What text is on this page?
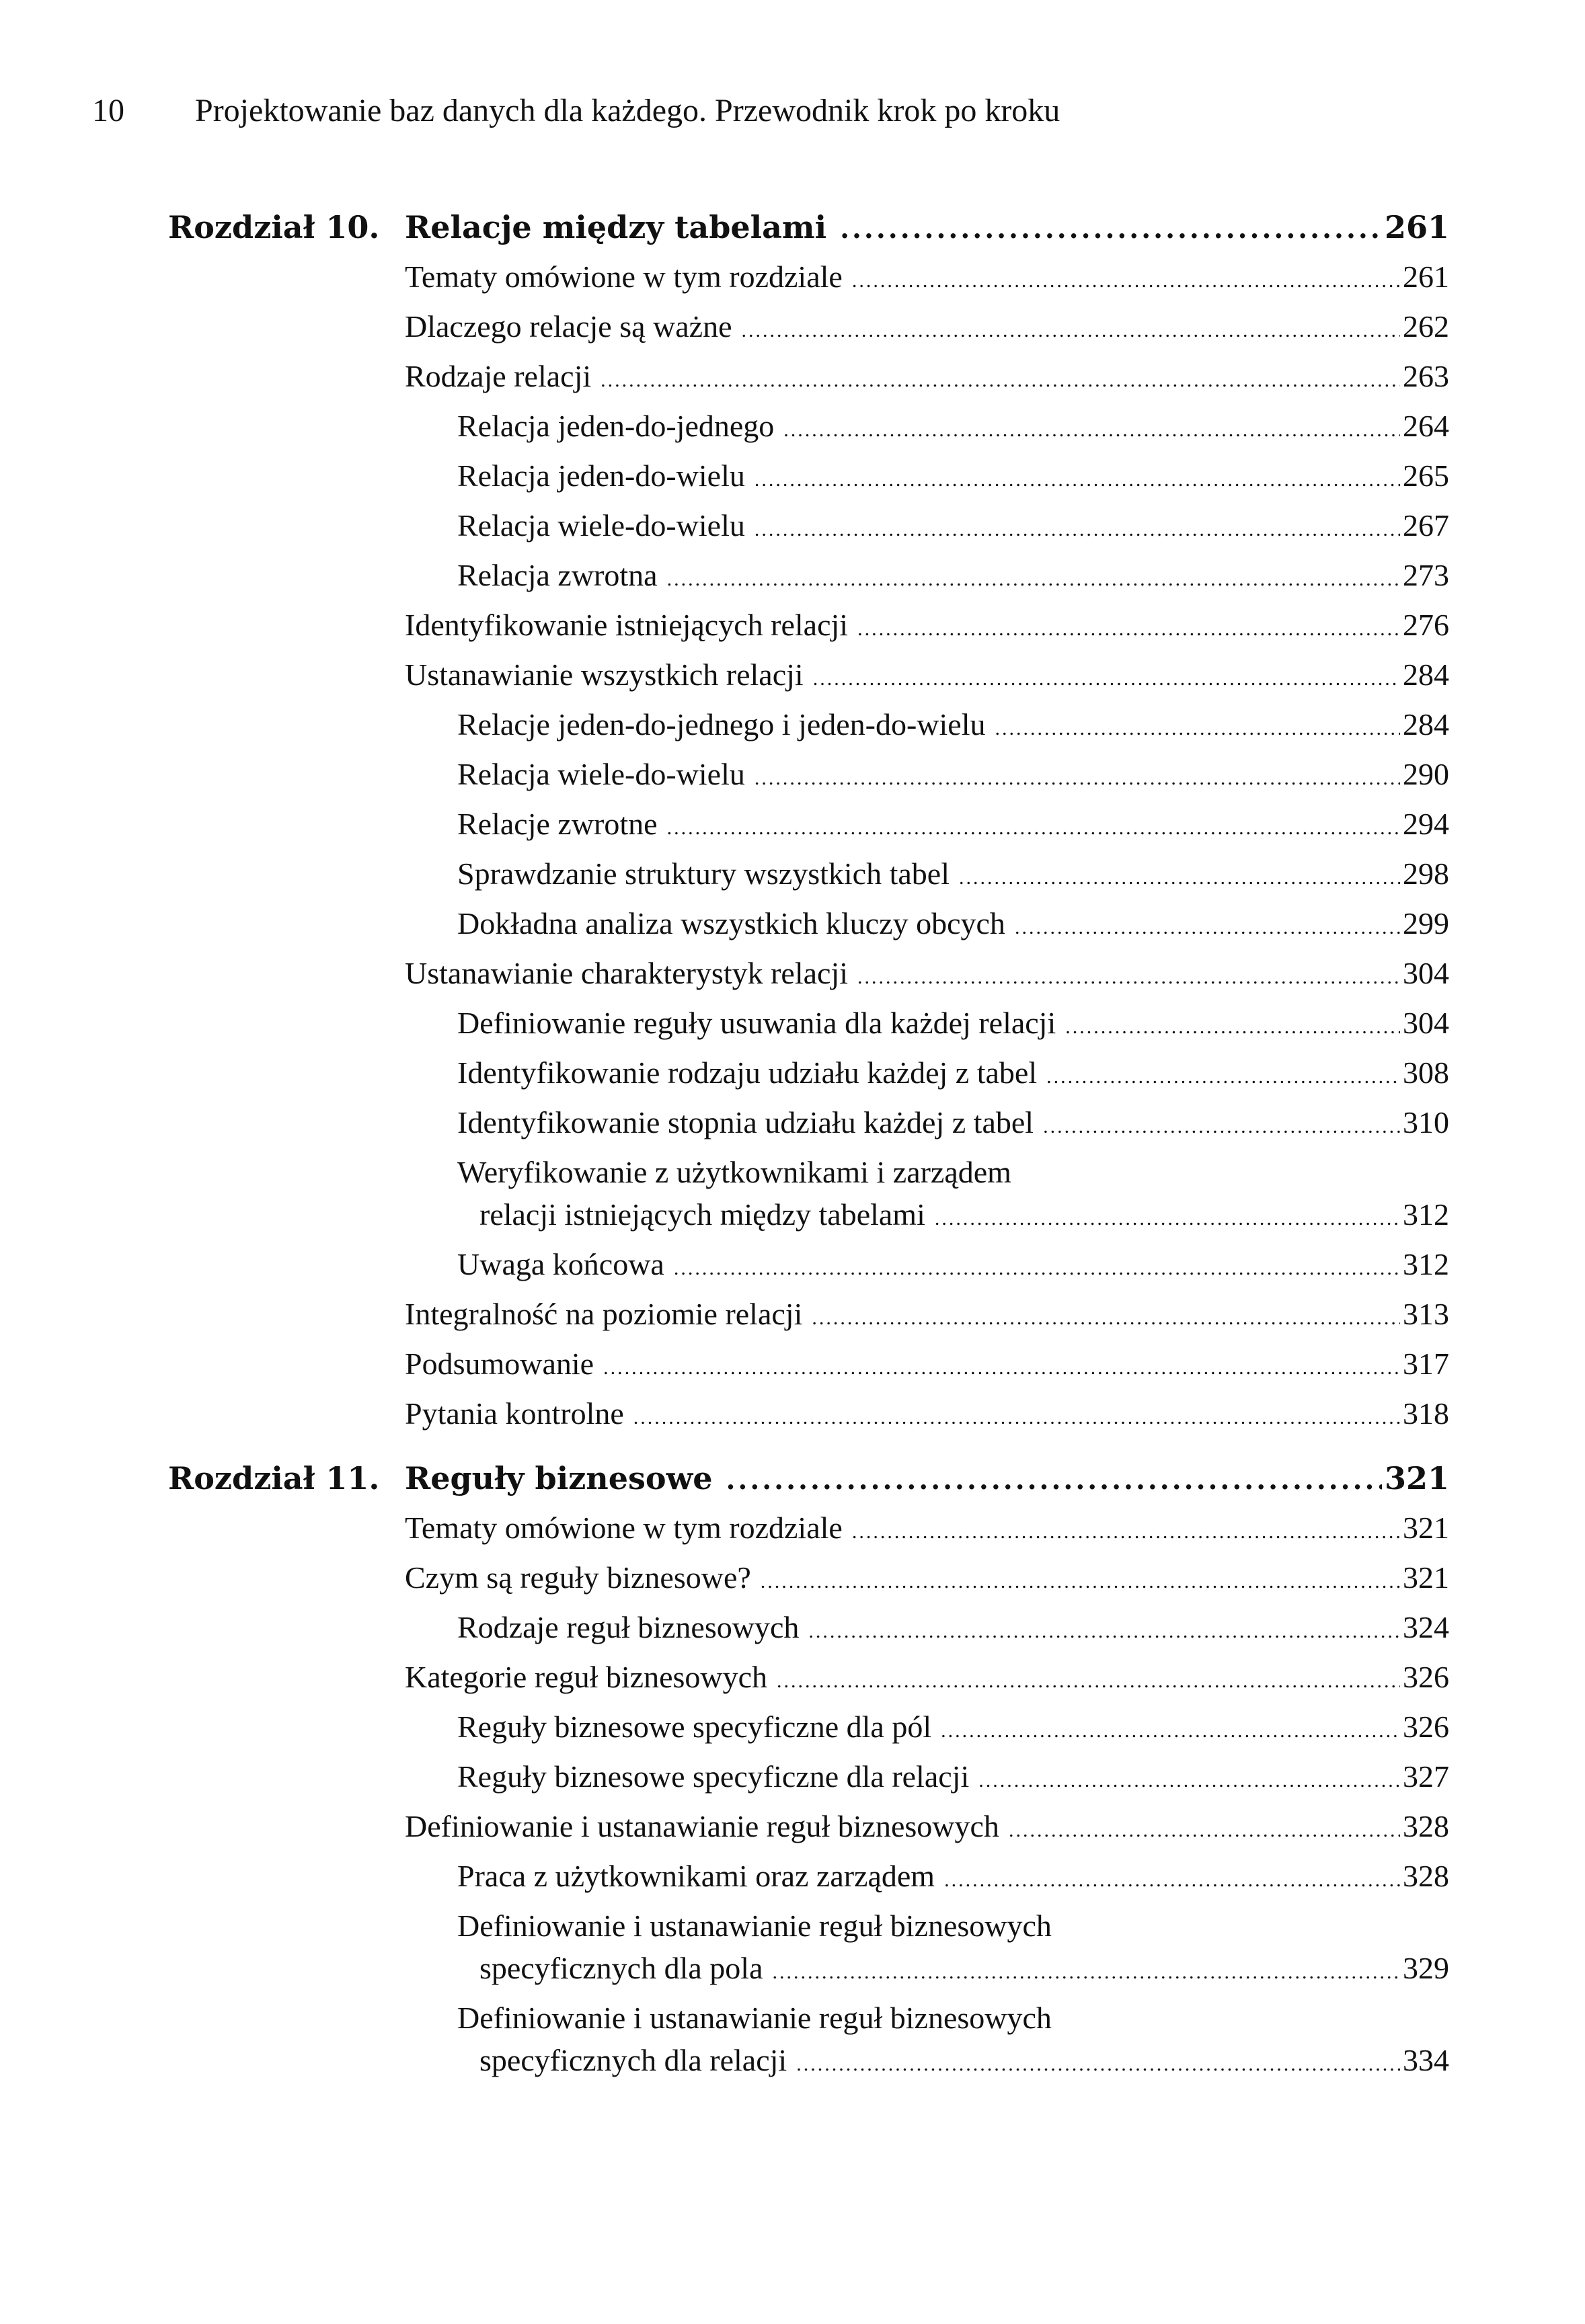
10 Projektowanie baz danych dla każdego. Przewodnik krok po kroku
Rozdział 10. Relacje między tabelami .....	261
Tematy omówione w tym rozdziale .....	261
Dlaczego relacje są ważne .....	262
Rodzaje relacji .....	263
Relacja jeden-do-jednego .....	264
Relacja jeden-do-wielu .....	265
Relacja wiele-do-wielu .....	267
Relacja zwrotna .....	273
Identyfikowanie istniejących relacji .....	276
Ustanawianie wszystkich relacji .....	284
Relacje jeden-do-jednego i jeden-do-wielu .....	284
Relacja wiele-do-wielu .....	290
Relacje zwrotne .....	294
Sprawdzanie struktury wszystkich tabel .....	298
Dokładna analiza wszystkich kluczy obcych .....	299
Ustanawianie charakterystyk relacji .....	304
Definiowanie reguły usuwania dla każdej relacji .....	304
Identyfikowanie rodzaju udziału każdej z tabel .....	308
Identyfikowanie stopnia udziału każdej z tabel .....	310
Weryfikowanie z użytkownikami i zarządem
relacji istniejących między tabelami .....	312
Uwaga końcowa .....	312
Integralność na poziomie relacji .....	313
Podsumowanie .....	317
Pytania kontrolne .....	318
Rozdział 11. Reguły biznesowe .....	321
Tematy omówione w tym rozdziale .....	321
Czym są reguły biznesowe? .....	321
Rodzaje reguł biznesowych .....	324
Kategorie reguł biznesowych .....	326
Reguły biznesowe specyficzne dla pól .....	326
Reguły biznesowe specyficzne dla relacji .....	327
Definiowanie i ustanawianie reguł biznesowych .....	328
Praca z użytkownikami oraz zarządem .....	328
Definiowanie i ustanawianie reguł biznesowych
specyficznych dla pola .....	329
Definiowanie i ustanawianie reguł biznesowych
specyficznych dla relacji .....	334
